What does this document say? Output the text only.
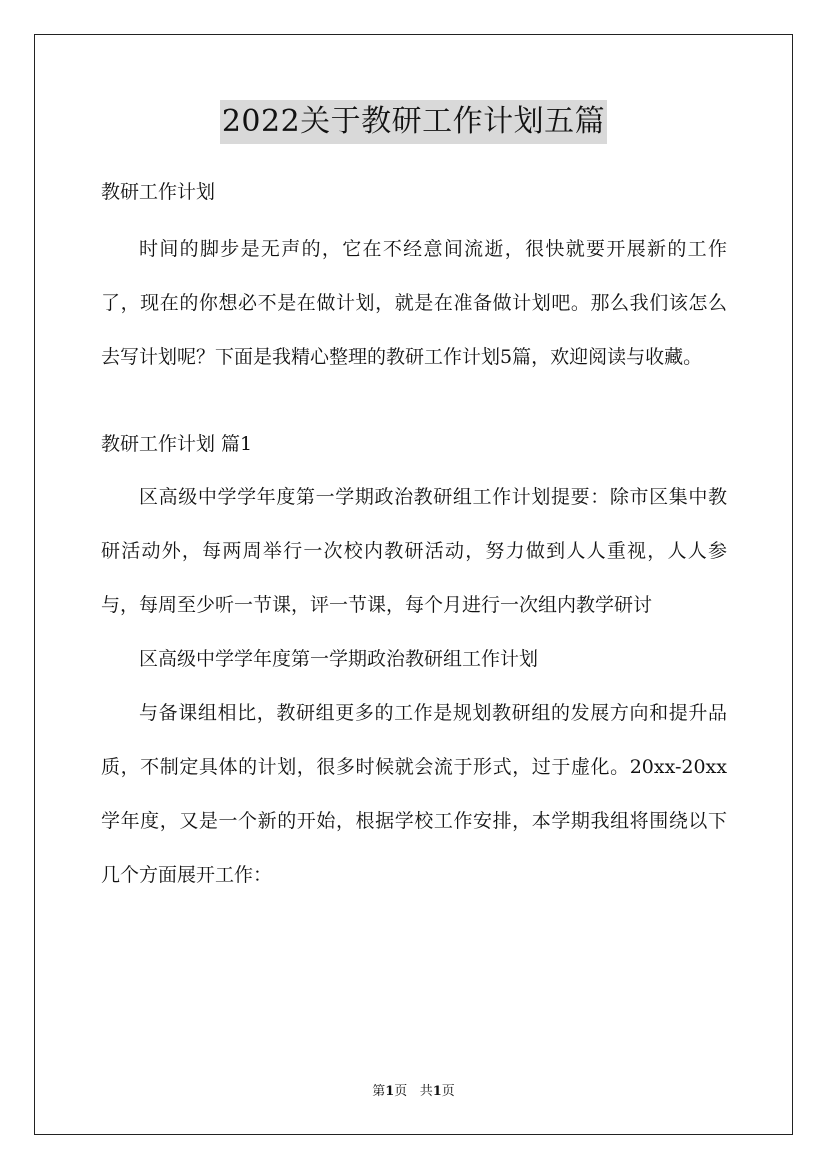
2022关于教研工作计划五篇

教研工作计划

时间的脚步是无声的，它在不经意间流逝，很快就要开展新的工作了，现在的你想必不是在做计划，就是在准备做计划吧。那么我们该怎么去写计划呢？下面是我精心整理的教研工作计划5篇，欢迎阅读与收藏。

教研工作计划 篇1

区高级中学学年度第一学期政治教研组工作计划提要：除市区集中教研活动外，每两周举行一次校内教研活动，努力做到人人重视，人人参与，每周至少听一节课，评一节课，每个月进行一次组内教学研讨

区高级中学学年度第一学期政治教研组工作计划

与备课组相比，教研组更多的工作是规划教研组的发展方向和提升品质，不制定具体的计划，很多时候就会流于形式，过于虚化。20xx-20xx学年度，又是一个新的开始，根据学校工作安排，本学期我组将围绕以下几个方面展开工作：

第1页 共1页
